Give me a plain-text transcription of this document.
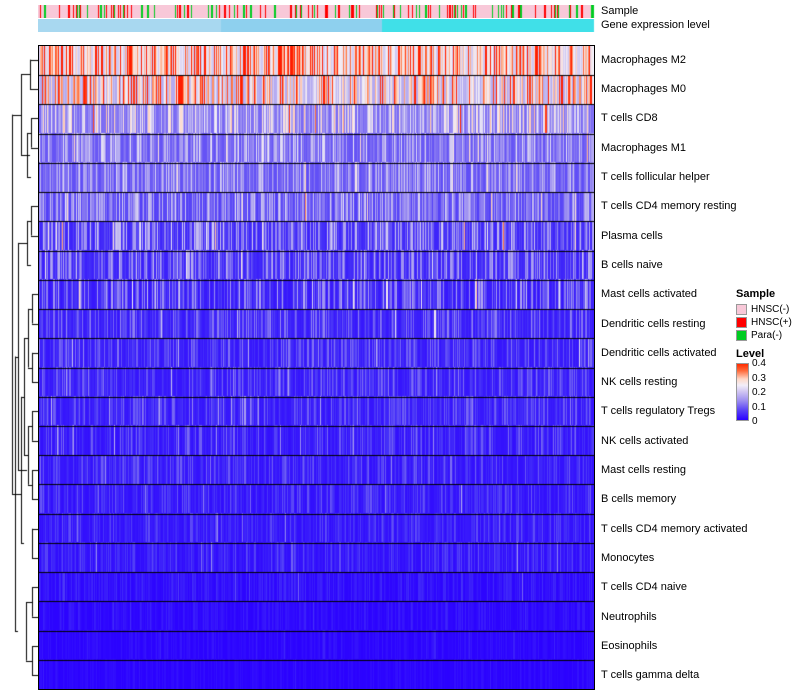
Sample
Gene expression level
Macrophages M2
Macrophages M0
T cells CD8
Macrophages M1
T cells follicular helper
T cells CD4 memory resting
Plasma cells
B cells naive
Mast cells activated
Dendritic cells resting
Dendritic cells activated
NK cells resting
T cells regulatory Tregs
NK cells activated
Mast cells resting
B cells memory
T cells CD4 memory activated
Monocytes
T cells CD4 naive
Neutrophils
Eosinophils
T cells gamma delta
Sample
HNSC(-)
HNSC(+)
Para(-)
Level
0.4
0.3
0.2
0.1
0
